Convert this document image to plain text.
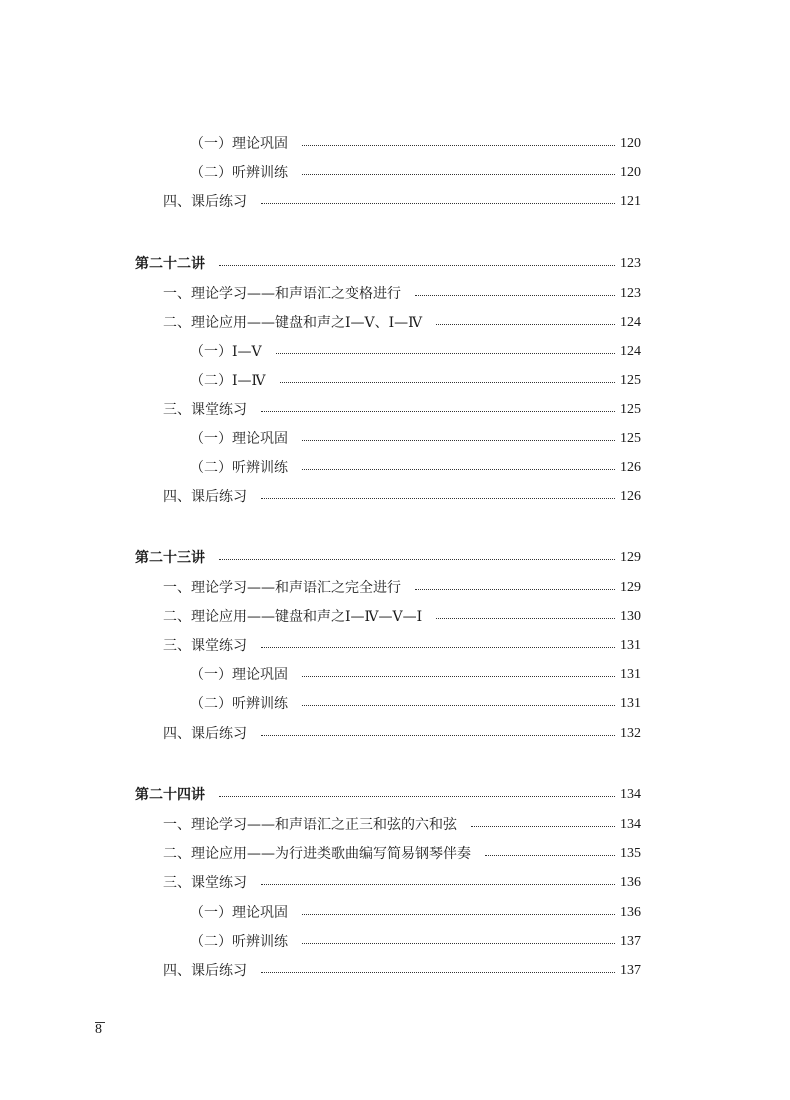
（一）理论巩固	120
（二）听辨训练	120
四、课后练习	121
第二十二讲	123
一、理论学习——和声语汇之变格进行	123
二、理论应用——键盘和声之Ⅰ—Ⅴ、Ⅰ—Ⅳ	124
（一）Ⅰ—Ⅴ	124
（二）Ⅰ—Ⅳ	125
三、课堂练习	125
（一）理论巩固	125
（二）听辨训练	126
四、课后练习	126
第二十三讲	129
一、理论学习——和声语汇之完全进行	129
二、理论应用——键盘和声之Ⅰ—Ⅳ—Ⅴ—Ⅰ	130
三、课堂练习	131
（一）理论巩固	131
（二）听辨训练	131
四、课后练习	132
第二十四讲	134
一、理论学习——和声语汇之正三和弦的六和弦	134
二、理论应用——为行进类歌曲编写简易钢琴伴奏	135
三、课堂练习	136
（一）理论巩固	136
（二）听辨训练	137
四、课后练习	137
8
